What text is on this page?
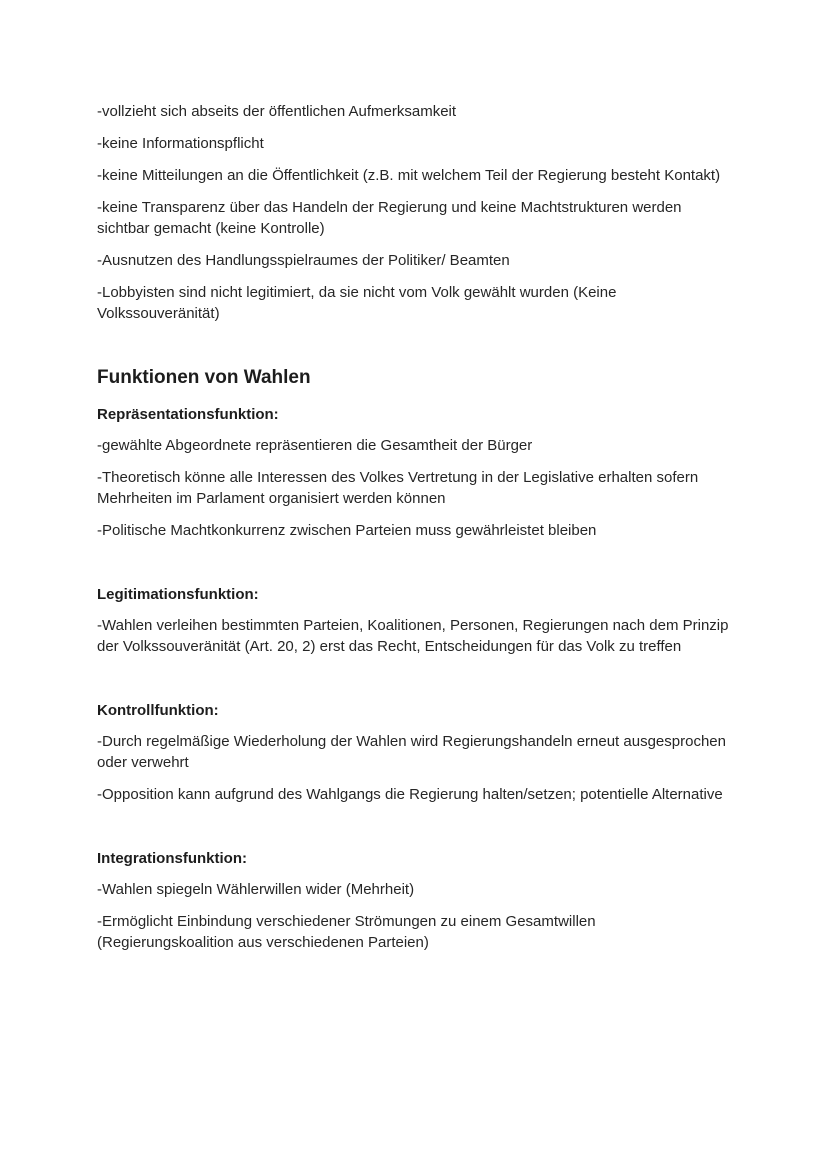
-vollzieht sich abseits der öffentlichen Aufmerksamkeit

-keine Informationspflicht

-keine Mitteilungen an die Öffentlichkeit (z.B. mit welchem Teil der Regierung besteht Kontakt)

-keine Transparenz über das Handeln der Regierung und keine Machtstrukturen werden sichtbar gemacht (keine Kontrolle)

-Ausnutzen des Handlungsspielraumes der Politiker/ Beamten

-Lobbyisten sind nicht legitimiert, da sie nicht vom Volk gewählt wurden (Keine Volkssouveränität)

Funktionen von Wahlen
Repräsentationsfunktion:

-gewählte Abgeordnete repräsentieren die Gesamtheit der Bürger

-Theoretisch könne alle Interessen des Volkes Vertretung in der Legislative erhalten sofern Mehrheiten im Parlament organisiert werden können

-Politische Machtkonkurrenz zwischen Parteien muss gewährleistet bleiben

Legitimationsfunktion:

-Wahlen verleihen bestimmten Parteien, Koalitionen, Personen, Regierungen nach dem Prinzip der Volkssouveränität (Art. 20, 2) erst das Recht, Entscheidungen für das Volk zu treffen

Kontrollfunktion:

-Durch regelmäßige Wiederholung der Wahlen wird Regierungshandeln erneut ausgesprochen oder verwehrt

-Opposition kann aufgrund des Wahlgangs die Regierung halten/setzen; potentielle Alternative

Integrationsfunktion:

-Wahlen spiegeln Wählerwillen wider (Mehrheit)

-Ermöglicht Einbindung verschiedener Strömungen zu einem Gesamtwillen (Regierungskoalition aus verschiedenen Parteien)
